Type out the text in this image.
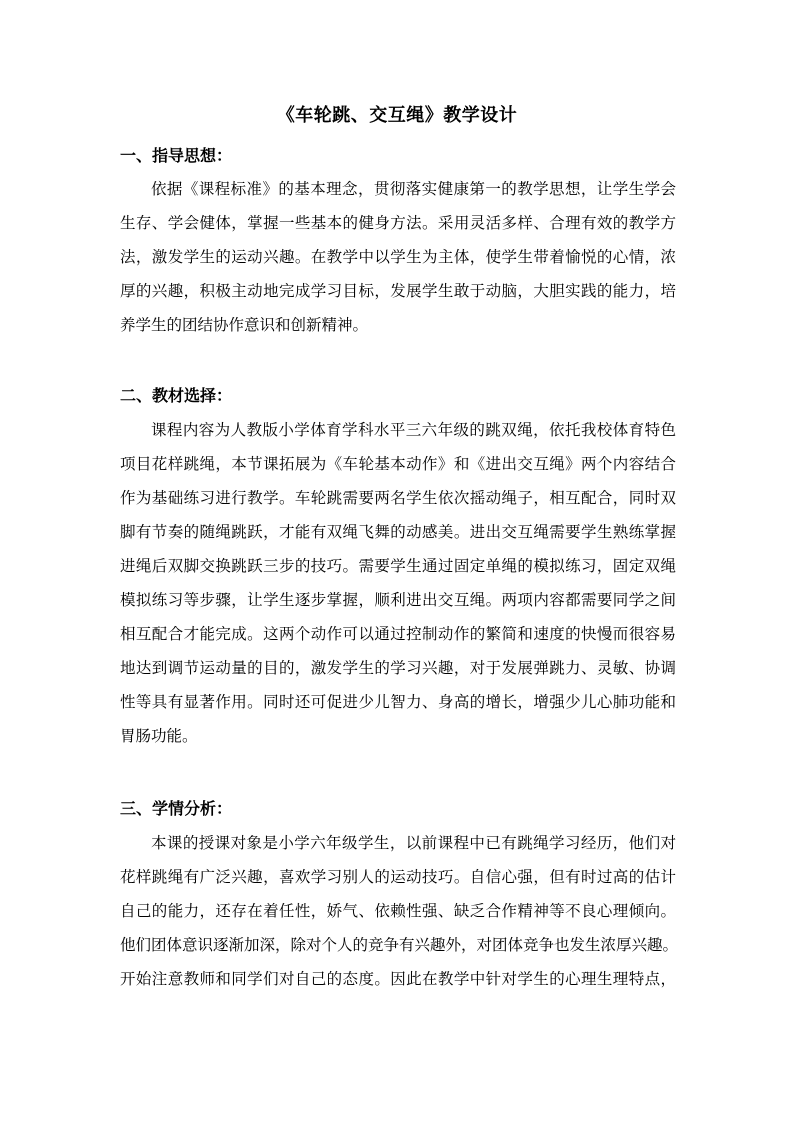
《车轮跳、交互绳》教学设计
一、指导思想：
依据《课程标准》的基本理念，贯彻落实健康第一的教学思想，让学生学会
生存、学会健体，掌握一些基本的健身方法。采用灵活多样、合理有效的教学方
法，激发学生的运动兴趣。在教学中以学生为主体，使学生带着愉悦的心情，浓
厚的兴趣，积极主动地完成学习目标，发展学生敢于动脑，大胆实践的能力，培
养学生的团结协作意识和创新精神。
二、教材选择：
课程内容为人教版小学体育学科水平三六年级的跳双绳，依托我校体育特色
项目花样跳绳，本节课拓展为《车轮基本动作》和《进出交互绳》两个内容结合
作为基础练习进行教学。车轮跳需要两名学生依次摇动绳子，相互配合，同时双
脚有节奏的随绳跳跃，才能有双绳飞舞的动感美。进出交互绳需要学生熟练掌握
进绳后双脚交换跳跃三步的技巧。需要学生通过固定单绳的模拟练习，固定双绳
模拟练习等步骤，让学生逐步掌握，顺利进出交互绳。两项内容都需要同学之间
相互配合才能完成。这两个动作可以通过控制动作的繁简和速度的快慢而很容易
地达到调节运动量的目的，激发学生的学习兴趣，对于发展弹跳力、灵敏、协调
性等具有显著作用。同时还可促进少儿智力、身高的增长，增强少儿心肺功能和
胃肠功能。
三、学情分析：
本课的授课对象是小学六年级学生，以前课程中已有跳绳学习经历，他们对
花样跳绳有广泛兴趣，喜欢学习别人的运动技巧。自信心强，但有时过高的估计
自己的能力，还存在着任性，娇气、依赖性强、缺乏合作精神等不良心理倾向。
他们团体意识逐渐加深，除对个人的竞争有兴趣外，对团体竞争也发生浓厚兴趣。
开始注意教师和同学们对自己的态度。因此在教学中针对学生的心理生理特点，
